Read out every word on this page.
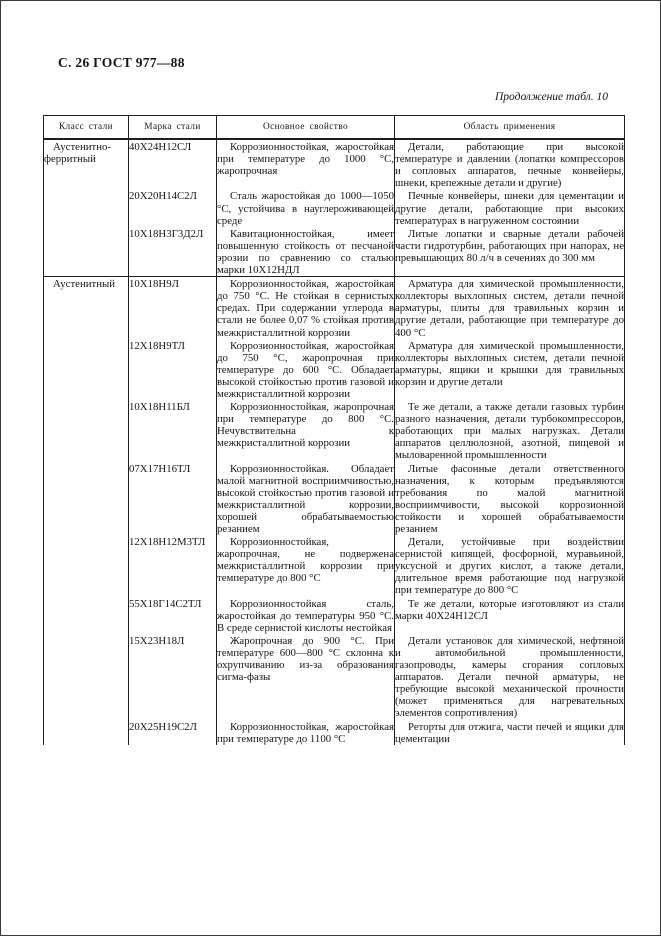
С. 26 ГОСТ 977—88
Продолжение табл. 10
Класс стали	Марка стали	Основное свойство	Область применения
Аустенитно-ферритный	40Х24Н12СЛ	Коррозионностойкая, жаростойкая при температуре до 1000 °С, жаропрочная	Детали, работающие при высокой температуре и давлении (лопатки компрессоров и сопловых аппаратов, печные конвейеры, шнеки, крепежные детали и другие)
	20Х20Н14С2Л	Сталь жаростойкая до 1000—1050 °С, устойчива в науглероживающей среде	Печные конвейеры, шнеки для цементации и другие детали, работающие при высоких температурах в нагруженном состоянии
	10Х18Н3Г3Д2Л	Кавитационностойкая, имеет повышенную стойкость от песчаной эрозии по сравнению со сталью марки 10Х12НДЛ	Литые лопатки и сварные детали рабочей части гидротурбин, работающих при напорах, не превышающих 80 л/ч в сечениях до 300 мм
Аустенитный	10Х18Н9Л	Коррозионностойкая, жаростойкая до 750 °С. Не стойкая в сернистых средах. При содержании углерода в стали не более 0,07 % стойкая против межкристаллитной коррозии	Арматура для химической промышленности, коллекторы выхлопных систем, детали печной арматуры, плиты для травильных корзин и другие детали, работающие при температуре до 400 °С
	12Х18Н9ТЛ	Коррозионностойкая, жаростойкая до 750 °С, жаропрочная при температуре до 600 °С. Обладает высокой стойкостью против газовой и межкристаллитной коррозии	Арматура для химической промышленности, коллекторы выхлопных систем, детали печной арматуры, ящики и крышки для травильных корзин и другие детали
	10Х18Н11БЛ	Коррозионностойкая, жаропрочная при температуре до 800 °С. Нечувствительна к межкристаллитной коррозии	Те же детали, а также детали газовых турбин разного назначения, детали турбокомпрессоров, работающих при малых нагрузках. Детали аппаратов целлюлозной, азотной, пищевой и мыловаренной промышленности
	07Х17Н16ТЛ	Коррозионностойкая. Обладает малой магнитной восприимчивостью, высокой стойкостью против газовой и межкристаллитной коррозии, хорошей обрабатываемостью резанием	Литые фасонные детали ответственного назначения, к которым предъявляются требования по малой магнитной восприимчивости, высокой коррозионной стойкости и хорошей обрабатываемости резанием
	12Х18Н12М3ТЛ	Коррозионностойкая, жаропрочная, не подвержена межкристаллитной коррозии при температуре до 800 °С	Детали, устойчивые при воздействии сернистой кипящей, фосфорной, муравьиной, уксусной и других кислот, а также детали, длительное время работающие под нагрузкой при температуре до 800 °С
	55Х18Г14С2ТЛ	Коррозионностойкая сталь, жаростойкая до температуры 950 °С. В среде сернистой кислоты нестойкая	Те же детали, которые изготовляют из стали марки 40Х24Н12СЛ
	15Х23Н18Л	Жаропрочная до 900 °С. При температуре 600—800 °С склонна к охрупчиванию из-за образования сигма-фазы	Детали установок для химической, нефтяной и автомобильной промышленности, газопроводы, камеры сгорания сопловых аппаратов. Детали печной арматуры, не требующие высокой механической прочности (может применяться для нагревательных элементов сопротивления)
	20Х25Н19С2Л	Коррозионностойкая, жаростойкая при температуре до 1100 °С	Реторты для отжига, части печей и ящики для цементации
